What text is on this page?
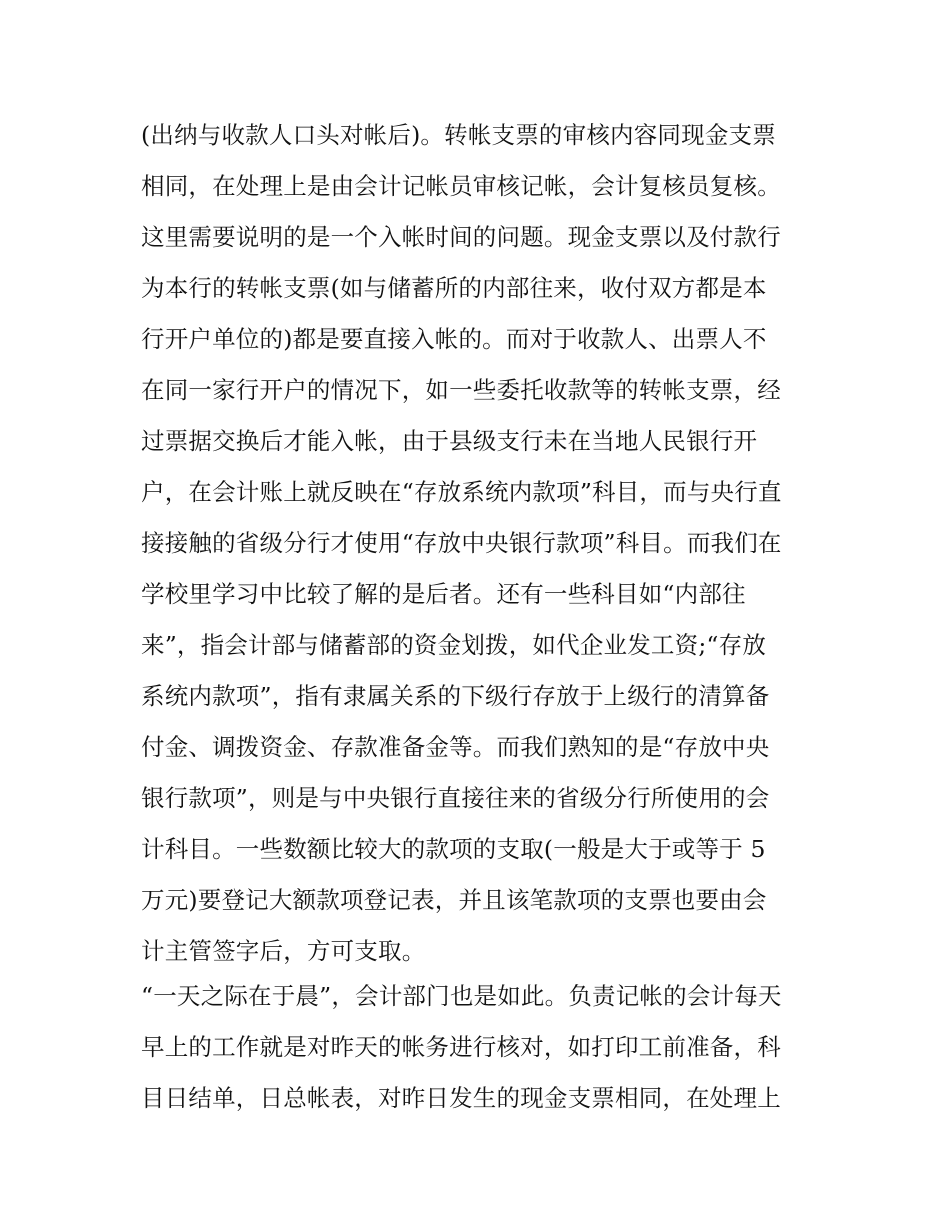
(出纳与收款人口头对帐后)。转帐支票的审核内容同现金支票
相同，在处理上是由会计记帐员审核记帐，会计复核员复核。
这里需要说明的是一个入帐时间的问题。现金支票以及付款行
为本行的转帐支票(如与储蓄所的内部往来，收付双方都是本
行开户单位的)都是要直接入帐的。而对于收款人、出票人不
在同一家行开户的情况下，如一些委托收款等的转帐支票，经
过票据交换后才能入帐，由于县级支行未在当地人民银行开
户，在会计账上就反映在“存放系统内款项”科目，而与央行直
接接触的省级分行才使用“存放中央银行款项”科目。而我们在
学校里学习中比较了解的是后者。还有一些科目如“内部往
来”，指会计部与储蓄部的资金划拨，如代企业发工资;“存放
系统内款项”，指有隶属关系的下级行存放于上级行的清算备
付金、调拨资金、存款准备金等。而我们熟知的是“存放中央
银行款项”，则是与中央银行直接往来的省级分行所使用的会
计科目。一些数额比较大的款项的支取(一般是大于或等于 5
万元)要登记大额款项登记表，并且该笔款项的支票也要由会
计主管签字后，方可支取。
“一天之际在于晨”，会计部门也是如此。负责记帐的会计每天
早上的工作就是对昨天的帐务进行核对，如打印工前准备，科
目日结单，日总帐表，对昨日发生的现金支票相同，在处理上
